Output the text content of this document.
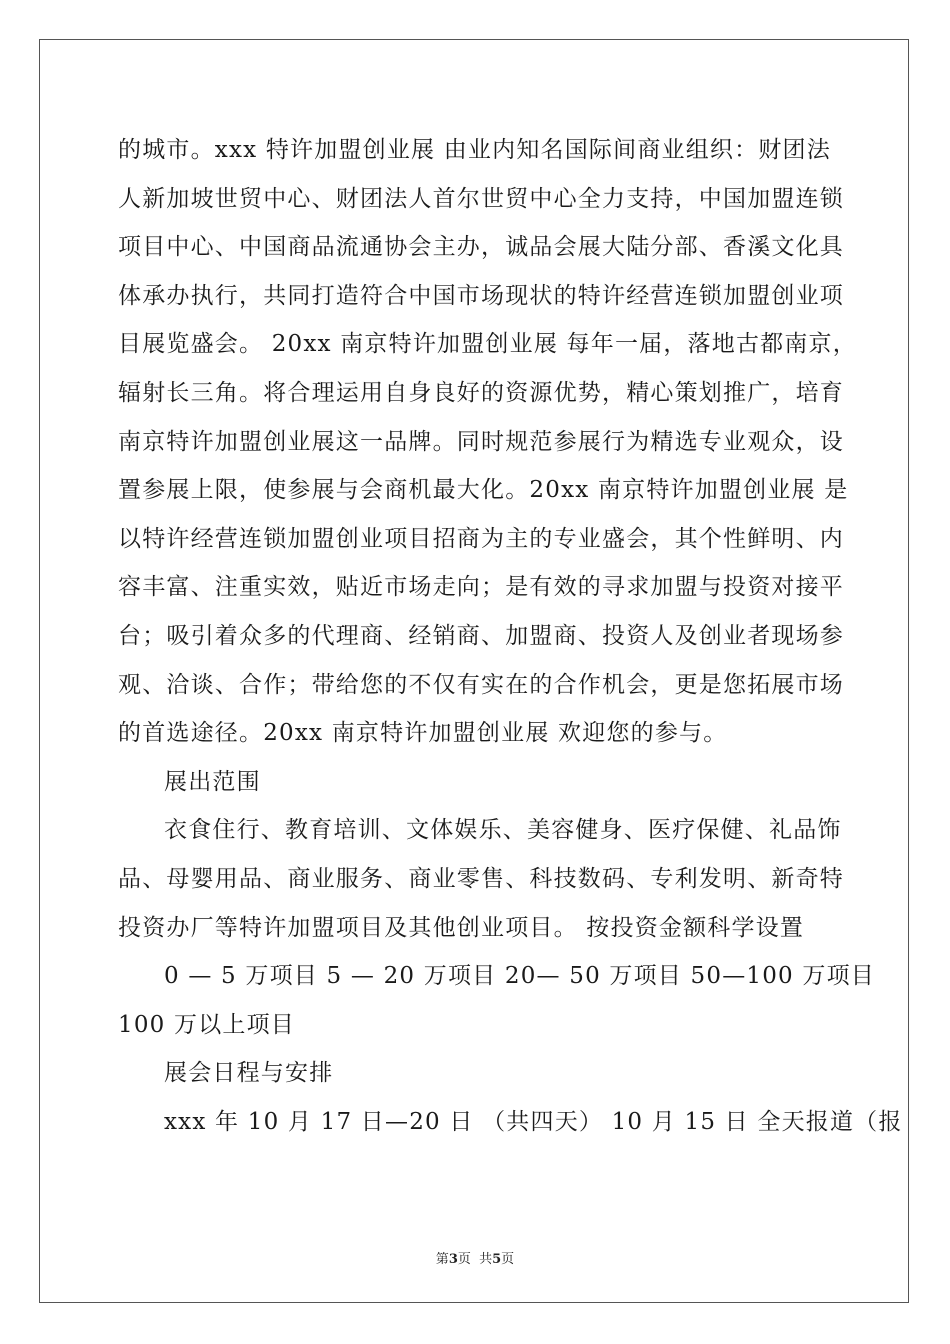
的城市。xxx 特许加盟创业展 由业内知名国际间商业组织：财团法
人新加坡世贸中心、财团法人首尔世贸中心全力支持，中国加盟连锁
项目中心、中国商品流通协会主办，诚品会展大陆分部、香溪文化具
体承办执行，共同打造符合中国市场现状的特许经营连锁加盟创业项
目展览盛会。 20xx 南京特许加盟创业展 每年一届，落地古都南京，
辐射长三角。将合理运用自身良好的资源优势，精心策划推广，培育
南京特许加盟创业展这一品牌。同时规范参展行为精选专业观众，设
置参展上限，使参展与会商机最大化。20xx 南京特许加盟创业展 是
以特许经营连锁加盟创业项目招商为主的专业盛会，其个性鲜明、内
容丰富、注重实效，贴近市场走向；是有效的寻求加盟与投资对接平
台；吸引着众多的代理商、经销商、加盟商、投资人及创业者现场参
观、洽谈、合作；带给您的不仅有实在的合作机会，更是您拓展市场
的首选途径。20xx 南京特许加盟创业展 欢迎您的参与。
展出范围
衣食住行、教育培训、文体娱乐、美容健身、医疗保健、礼品饰
品、母婴用品、商业服务、商业零售、科技数码、专利发明、新奇特
投资办厂等特许加盟项目及其他创业项目。 按投资金额科学设置
0 — 5 万项目 5 — 20 万项目 20— 50 万项目 50—100 万项目
100 万以上项目
展会日程与安排
xxx 年 10 月 17 日—20 日 （共四天） 10 月 15 日 全天报道（报
第3页  共5页
